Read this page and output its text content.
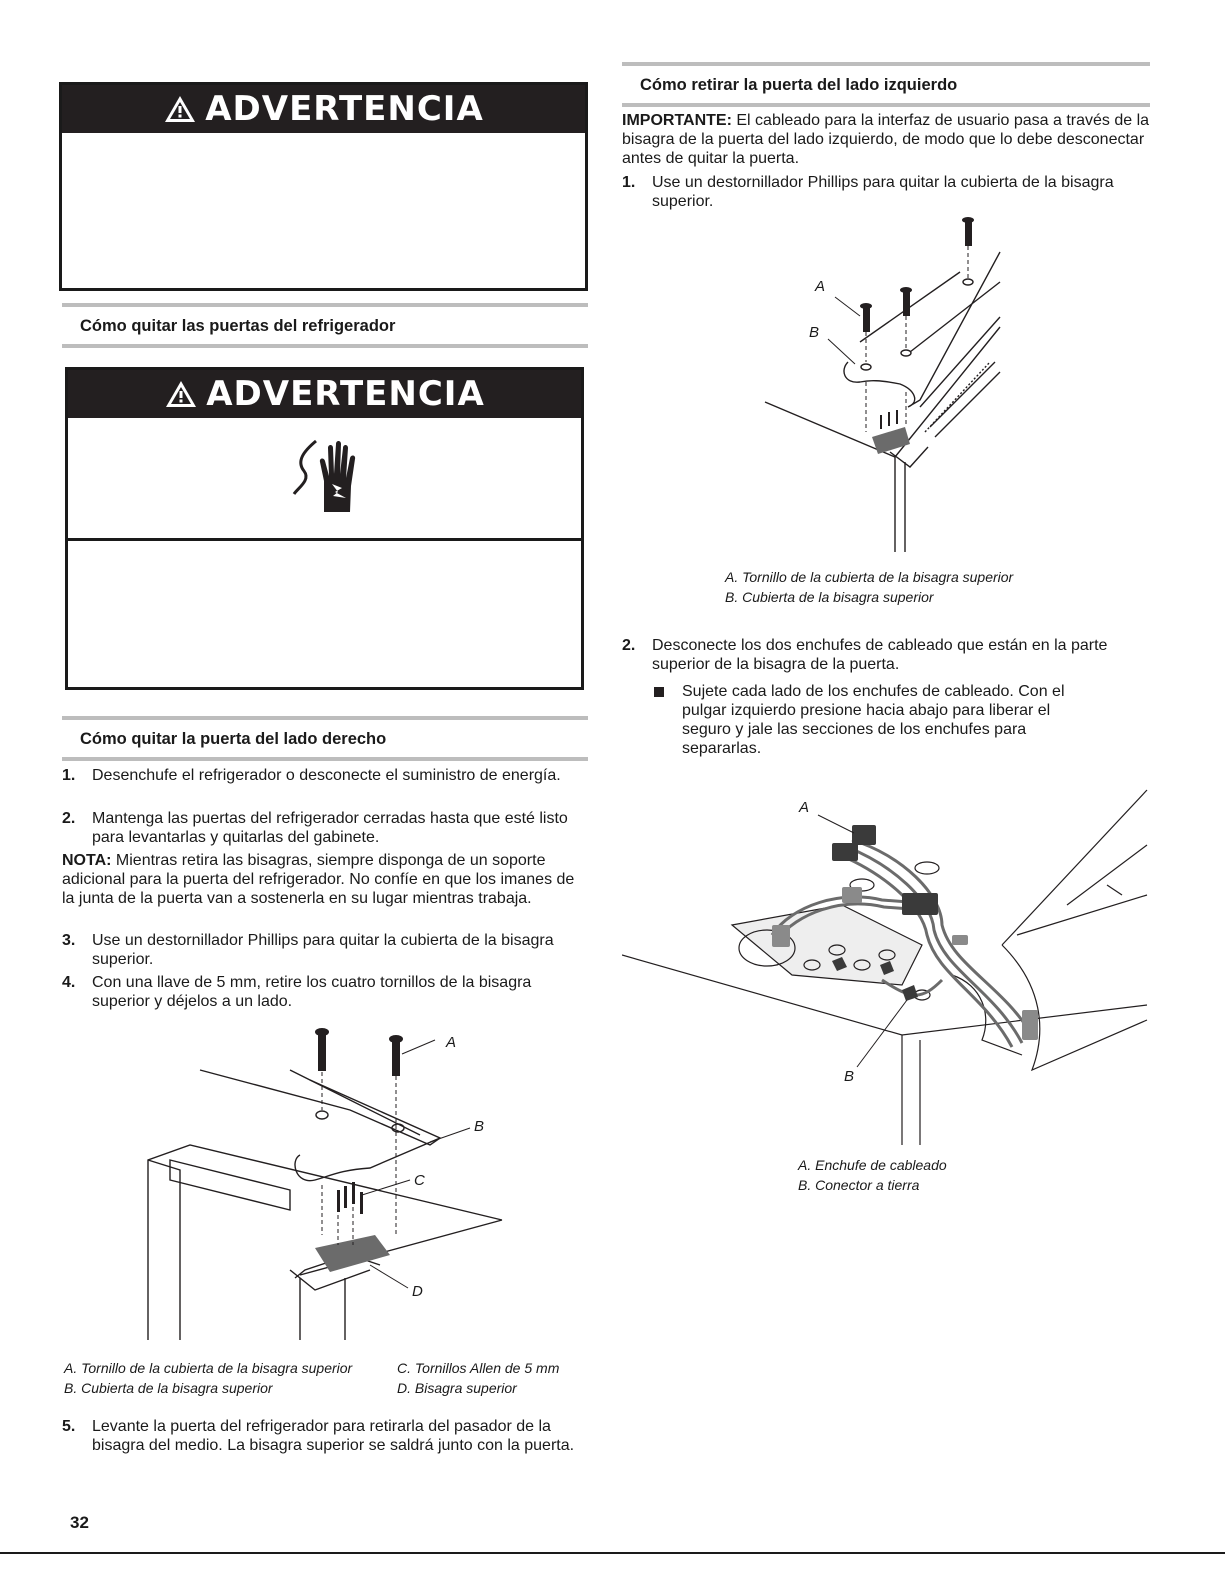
ADVERTENCIA
Cómo quitar las puertas del refrigerador
ADVERTENCIA
Cómo quitar la puerta del lado derecho
1. Desenchufe el refrigerador o desconecte el suministro de energía.
2. Mantenga las puertas del refrigerador cerradas hasta que esté listo para levantarlas y quitarlas del gabinete.
NOTA: Mientras retira las bisagras, siempre disponga de un soporte adicional para la puerta del refrigerador. No confíe en que los imanes de la junta de la puerta van a sostenerla en su lugar mientras trabaja.
3. Use un destornillador Phillips para quitar la cubierta de la bisagra superior.
4. Con una llave de 5 mm, retire los cuatro tornillos de la bisagra superior y déjelos a un lado.
A
B
C
D
A. Tornillo de la cubierta de la bisagra superior
B. Cubierta de la bisagra superior
C. Tornillos Allen de 5 mm
D. Bisagra superior
5. Levante la puerta del refrigerador para retirarla del pasador de la bisagra del medio. La bisagra superior se saldrá junto con la puerta.
Cómo retirar la puerta del lado izquierdo
IMPORTANTE: El cableado para la interfaz de usuario pasa a través de la bisagra de la puerta del lado izquierdo, de modo que lo debe desconectar antes de quitar la puerta.
1. Use un destornillador Phillips para quitar la cubierta de la bisagra superior.
A
B
A. Tornillo de la cubierta de la bisagra superior
B. Cubierta de la bisagra superior
2. Desconecte los dos enchufes de cableado que están en la parte superior de la bisagra de la puerta.
Sujete cada lado de los enchufes de cableado. Con el pulgar izquierdo presione hacia abajo para liberar el seguro y jale las secciones de los enchufes para separarlas.
A
B
A. Enchufe de cableado
B. Conector a tierra
32
